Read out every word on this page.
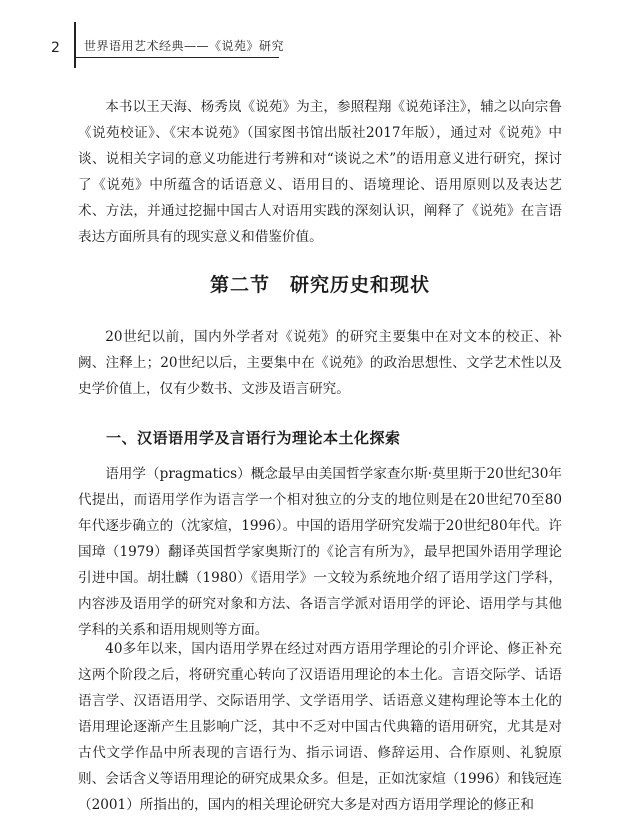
2 世界语用艺术经典——《说苑》研究

本书以王天海、杨秀岚《说苑》为主，参照程翔《说苑译注》，辅之以向宗鲁《说苑校证》、《宋本说苑》（国家图书馆出版社2017年版），通过对《说苑》中谈、说相关字词的意义功能进行考辨和对“谈说之术”的语用意义进行研究，探讨了《说苑》中所蕴含的话语意义、语用目的、语境理论、语用原则以及表达艺术、方法，并通过挖掘中国古人对语用实践的深刻认识，阐释了《说苑》在言语表达方面所具有的现实意义和借鉴价值。

第二节　研究历史和现状

20世纪以前，国内外学者对《说苑》的研究主要集中在对文本的校正、补阙、注释上；20世纪以后，主要集中在《说苑》的政治思想性、文学艺术性以及史学价值上，仅有少数书、文涉及语言研究。

一、汉语语用学及言语行为理论本土化探索

语用学（pragmatics）概念最早由美国哲学家查尔斯·莫里斯于20世纪30年代提出，而语用学作为语言学一个相对独立的分支的地位则是在20世纪70至80年代逐步确立的（沈家煊，1996）。中国的语用学研究发端于20世纪80年代。许国璋（1979）翻译英国哲学家奥斯汀的《论言有所为》，最早把国外语用学理论引进中国。胡壮麟（1980）《语用学》一文较为系统地介绍了语用学这门学科，内容涉及语用学的研究对象和方法、各语言学派对语用学的评论、语用学与其他学科的关系和语用规则等方面。

40多年以来，国内语用学界在经过对西方语用学理论的引介评论、修正补充这两个阶段之后，将研究重心转向了汉语语用理论的本土化。言语交际学、话语语言学、汉语语用学、交际语用学、文学语用学、话语意义建构理论等本土化的语用理论逐渐产生且影响广泛，其中不乏对中国古代典籍的语用研究，尤其是对古代文学作品中所表现的言语行为、指示词语、修辞运用、合作原则、礼貌原则、会话含义等语用理论的研究成果众多。但是，正如沈家煊（1996）和钱冠连（2001）所指出的，国内的相关理论研究大多是对西方语用学理论的修正和
